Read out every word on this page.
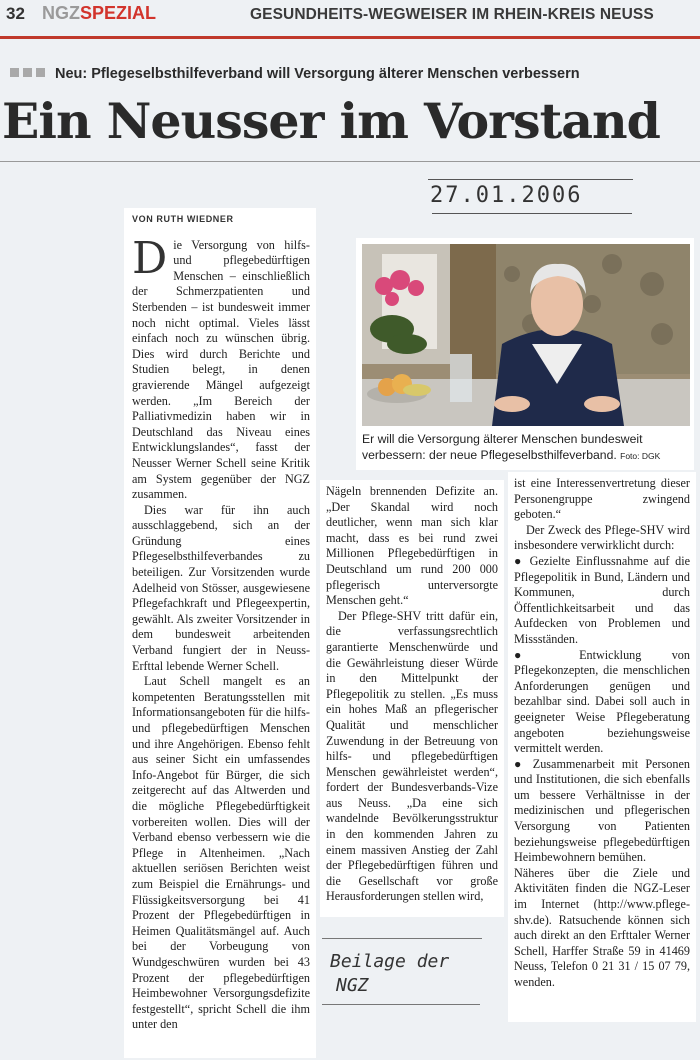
32 NGZSPEZIAL	GESUNDHEITS-WEGWEISER IM RHEIN-KREIS NEUSS
Neu: Pflegeselbsthilfeverband will Versorgung älterer Menschen verbessern
Ein Neusser im Vorstand
27.01.2006
VON RUTH WIEDNER

Die Versorgung von hilfs- und pflegebedürftigen Menschen – einschließlich der Schmerzpatienten und Sterbenden – ist bundesweit immer noch nicht optimal. Vieles lässt einfach noch zu wünschen übrig. Dies wird durch Berichte und Studien belegt, in denen gravierende Mängel aufgezeigt werden. „Im Bereich der Palliativmedizin haben wir in Deutschland das Niveau eines Entwicklungslandes“, fasst der Neusser Werner Schell seine Kritik am System gegenüber der NGZ zusammen.

Dies war für ihn auch ausschlaggebend, sich an der Gründung eines Pflegeselbsthilfeverbandes zu beteiligen. Zur Vorsitzenden wurde Adelheid von Stösser, ausgewiesene Pflegefachkraft und Pflegeexpertin, gewählt. Als zweiter Vorsitzender in dem bundesweit arbeitenden Verband fungiert der in Neuss-Erfttal lebende Werner Schell.

Laut Schell mangelt es an kompetenten Beratungsstellen mit Informationsangeboten für die hilfs- und pflegebedürftigen Menschen und ihre Angehörigen. Ebenso fehlt aus seiner Sicht ein umfassendes Info-Angebot für Bürger, die sich zeitgerecht auf das Altwerden und die mögliche Pflegebedürftigkeit vorbereiten wollen. Dies will der Verband ebenso verbessern wie die Pflege in Altenheimen. „Nach aktuellen seriösen Berichten weist zum Beispiel die Ernährungs- und Flüssigkeitsversorgung bei 41 Prozent der Pflegebedürftigen in Heimen Qualitätsmängel auf. Auch bei der Vorbeugung von Wundgeschwüren wurden bei 43 Prozent der pflegebedürftigen Heimbewohner Versorgungsdefizite festgestellt“, spricht Schell die ihm unter den

Er will die Versorgung älterer Menschen bundesweit verbessern: der neue Pflegeselbsthilfeverband. Foto: DGK

Nägeln brennenden Defizite an. „Der Skandal wird noch deutlicher, wenn man sich klar macht, dass es bei rund zwei Millionen Pflegebedürftigen in Deutschland um rund 200 000 pflegerisch unterversorgte Menschen geht.“

Der Pflege-SHV tritt dafür ein, die verfassungsrechtlich garantierte Menschenwürde und die Gewährleistung dieser Würde in den Mittelpunkt der Pflegepolitik zu stellen. „Es muss ein hohes Maß an pflegerischer Qualität und menschlicher Zuwendung in der Betreuung von hilfs- und pflegebedürftigen Menschen gewährleistet werden“, fordert der Bundesverbands-Vize aus Neuss. „Da eine sich wandelnde Bevölkerungsstruktur in den kommenden Jahren zu einem massiven Anstieg der Zahl der Pflegebedürftigen führen und die Gesellschaft vor große Herausforderungen stellen wird,

ist eine Interessenvertretung dieser Personengruppe zwingend geboten.“

Der Zweck des Pflege-SHV wird insbesondere verwirklicht durch:

● Gezielte Einflussnahme auf die Pflegepolitik in Bund, Ländern und Kommunen, durch Öffentlichkeitsarbeit und das Aufdecken von Problemen und Missständen.

● Entwicklung von Pflegekonzepten, die menschlichen Anforderungen genügen und bezahlbar sind. Dabei soll auch in geeigneter Weise Pflegeberatung angeboten beziehungsweise vermittelt werden.

● Zusammenarbeit mit Personen und Institutionen, die sich ebenfalls um bessere Verhältnisse in der medizinischen und pflegerischen Versorgung von Patienten beziehungsweise pflegebedürftigen Heimbewohnern bemühen.

Näheres über die Ziele und Aktivitäten finden die NGZ-Leser im Internet (http://www.pflege-shv.de). Ratsuchende können sich auch direkt an den Erfttaler Werner Schell, Harffer Straße 59 in 41469 Neuss, Telefon 0 21 31 / 15 07 79, wenden.

Beilage der
NGZ
